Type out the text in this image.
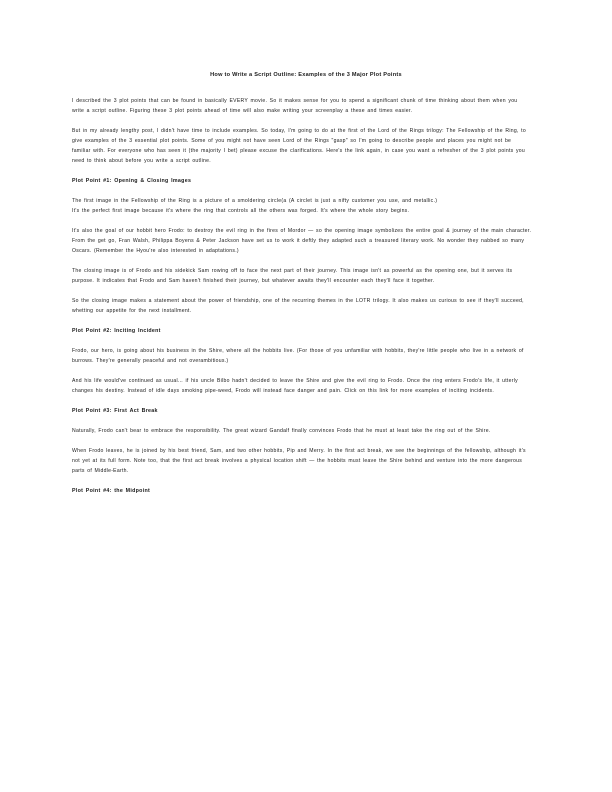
How to Write a Script Outline: Examples of the 3 Major Plot Points

I described the 3 plot points that can be found in basically EVERY movie. So it makes sense for you to spend a significant chunk of time thinking about them when you write a script outline. Figuring these 3 plot points ahead of time will also make writing your screenplay a these and times easier.

But in my already lengthy post, I didn't have time to include examples. So today, I'm going to do at the first of the Lord of the Rings trilogy: The Fellowship of the Ring, to give examples of the 3 essential plot points. Some of you might not have seen Lord of the Rings "gasp" so I'm going to describe people and places you might not be familiar with. For everyone who has seen it (the majority I bet) please excuse the clarifications. Here's the link again, in case you want a refresher of the 3 plot points you need to think about before you write a script outline.

Plot Point #1: Opening & Closing Images

The first image in the Fellowship of the Ring is a picture of a smoldering circle(a (A circlet is just a nifty customer you use, and metallic.)

It's the perfect first image because it's where the ring that controls all the others was forged. It's where the whole story begins.

It's also the goal of our hobbit hero Frodo: to destroy the evil ring in the fires of Mordor — so the opening image symbolizes the entire goal & journey of the main character. From the get go, Fran Walsh, Philippa Boyens & Peter Jackson have set us to work it deftly they adapted such a treasured literary work. No wonder they nabbed so many Oscars. (Remember the Hyou're also interested in adaptations.)

The closing image is of Frodo and his sidekick Sam rowing off to face the next part of their journey. This image isn't as powerful as the opening one, but it serves its purpose. It indicates that Frodo and Sam haven't finished their journey, but whatever awaits they'll encounter each they'll face it together.

So the closing image makes a statement about the power of friendship, one of the recurring themes in the LOTR trilogy. It also makes us curious to see if they'll succeed, whetting our appetite for the next installment.

Plot Point #2: Inciting Incident

Frodo, our hero, is going about his business in the Shire, where all the hobbits live. (For those of you unfamiliar with hobbits, they're little people who live in a network of burrows. They're generally peaceful and not overambitious.)

And his life would've continued as usual... if his uncle Bilbo hadn't decided to leave the Shire and give the evil ring to Frodo. Once the ring enters Frodo's life, it utterly changes his destiny. Instead of idle days smoking pipe-weed, Frodo will instead face danger and pain. Click on this link for more examples of inciting incidents.

Plot Point #3: First Act Break

Naturally, Frodo can't bear to embrace the responsibility. The great wizard Gandalf finally convinces Frodo that he must at least take the ring out of the Shire.

When Frodo leaves, he is joined by his best friend, Sam, and two other hobbits, Pip and Merry. In the first act break, we see the beginnings of the fellowship, although it's not yet at its full form. Note too, that the first act break involves a physical location shift — the hobbits must leave the Shire behind and venture into the more dangerous parts of Middle-Earth.

Plot Point #4: the Midpoint
